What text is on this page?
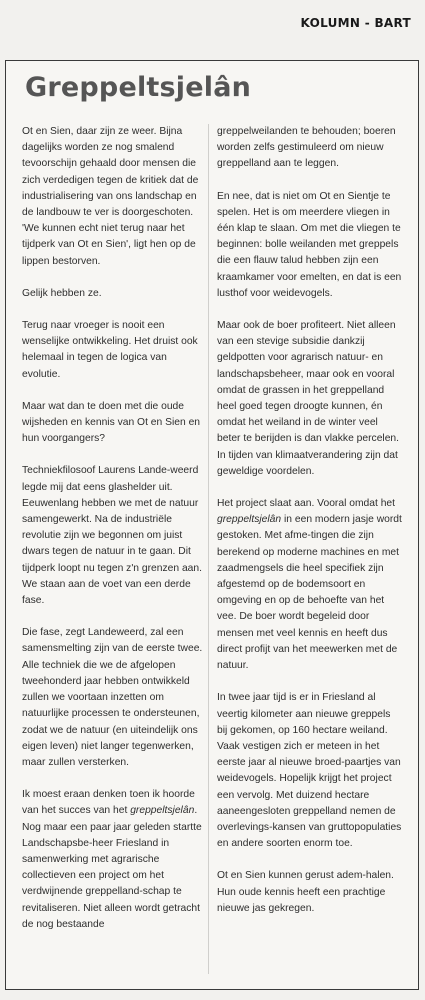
KOLUMN - BART
Greppeltsjelân

Ot en Sien, daar zijn ze weer. Bijna dagelijks worden ze nog smalend tevoorschijn gehaald door mensen die zich verdedigen tegen de kritiek dat de industrialisering van ons landschap en de landbouw te ver is doorgeschoten. 'We kunnen echt niet terug naar het tijdperk van Ot en Sien', ligt hen op de lippen bestorven.

Gelijk hebben ze.

Terug naar vroeger is nooit een wenselijke ontwikkeling. Het druist ook helemaal in tegen de logica van evolutie.

Maar wat dan te doen met die oude wijsheden en kennis van Ot en Sien en hun voorgangers?

Techniekfilosoof Laurens Lande-weerd legde mij dat eens glashelder uit. Eeuwenlang hebben we met de natuur samengewerkt. Na de industriële revolutie zijn we begonnen om juist dwars tegen de natuur in te gaan. Dit tijdperk loopt nu tegen z'n grenzen aan. We staan aan de voet van een derde fase.

Die fase, zegt Landeweerd, zal een samensmelting zijn van de eerste twee. Alle techniek die we de afgelopen tweehonderd jaar hebben ontwikkeld zullen we voortaan inzetten om natuurlijke processen te ondersteunen, zodat we de natuur (en uiteindelijk ons eigen leven) niet langer tegenwerken, maar zullen versterken.

Ik moest eraan denken toen ik hoorde van het succes van het greppeltsjelân. Nog maar een paar jaar geleden startte Landschapsbe-heer Friesland in samenwerking met agrarische collectieven een project om het verdwijnende greppelland-schap te revitaliseren. Niet alleen wordt getracht de nog bestaande

greppelweilanden te behouden; boeren worden zelfs gestimuleerd om nieuw greppelland aan te leggen.

En nee, dat is niet om Ot en Sientje te spelen. Het is om meerdere vliegen in één klap te slaan. Om met die vliegen te beginnen: bolle weilanden met greppels die een flauw talud hebben zijn een kraamkamer voor emelten, en dat is een lusthof voor weidevogels.

Maar ook de boer profiteert. Niet alleen van een stevige subsidie dankzij geldpotten voor agrarisch natuur- en landschapsbeheer, maar ook en vooral omdat de grassen in het greppelland heel goed tegen droogte kunnen, én omdat het weiland in de winter veel beter te berijden is dan vlakke percelen. In tijden van klimaatverandering zijn dat geweldige voordelen.

Het project slaat aan. Vooral omdat het greppeltsjelân in een modern jasje wordt gestoken. Met afme-tingen die zijn berekend op moderne machines en met zaadmengsels die heel specifiek zijn afgestemd op de bodemsoort en omgeving en op de behoefte van het vee. De boer wordt begeleid door mensen met veel kennis en heeft dus direct profijt van het meewerken met de natuur.

In twee jaar tijd is er in Friesland al veertig kilometer aan nieuwe greppels bij gekomen, op 160 hectare weiland. Vaak vestigen zich er meteen in het eerste jaar al nieuwe broed-paartjes van weidevogels. Hopelijk krijgt het project een vervolg. Met duizend hectare aaneengesloten greppelland nemen de overlevings-kansen van gruttopopulaties en andere soorten enorm toe.

Ot en Sien kunnen gerust adem-halen. Hun oude kennis heeft een prachtige nieuwe jas gekregen.
